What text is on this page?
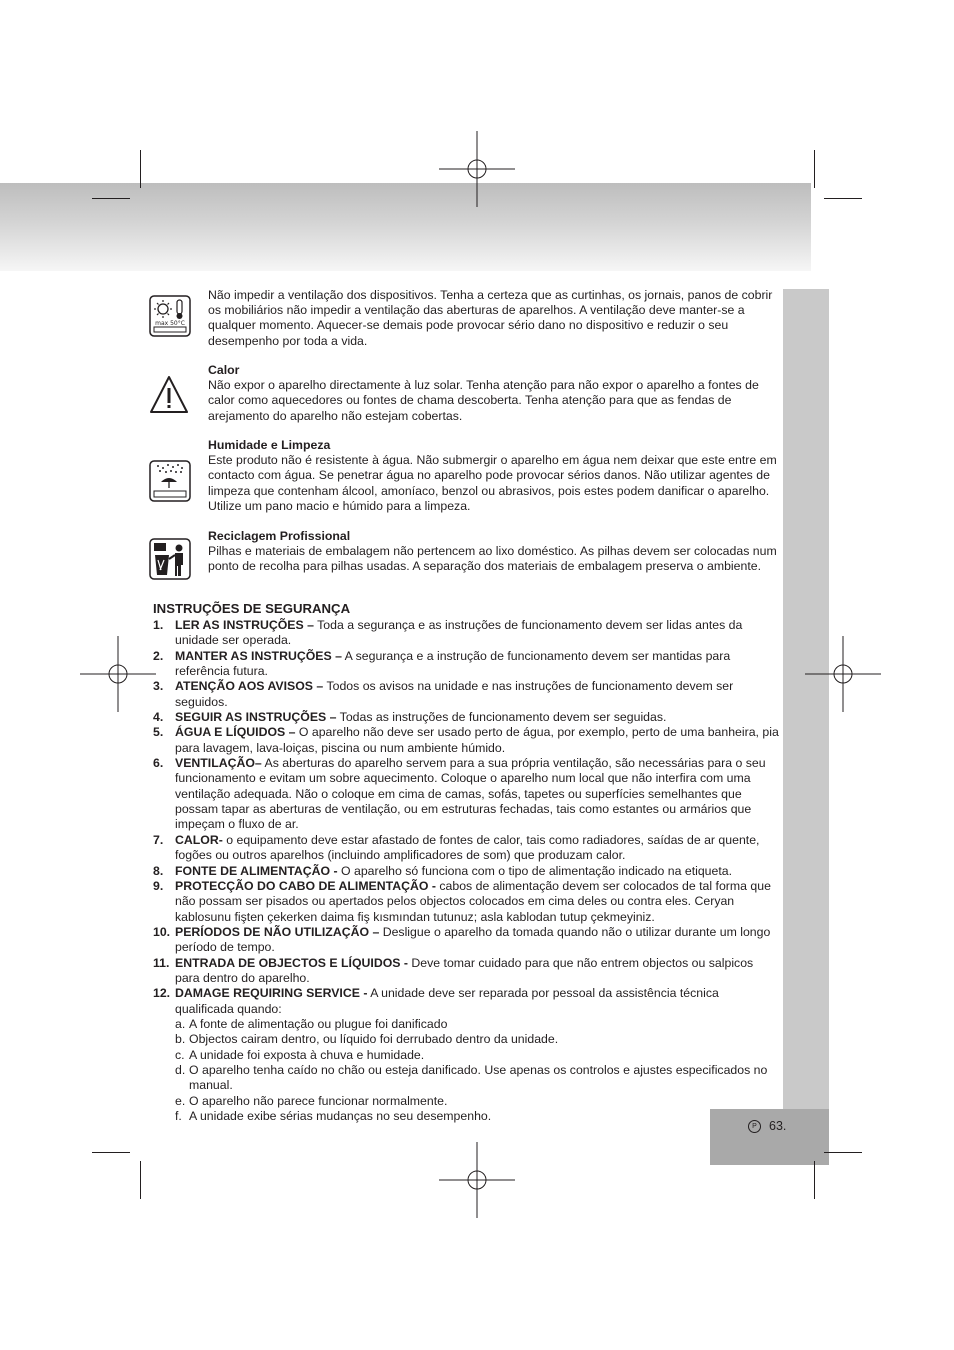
P 63.
max 50°C
Não impedir a ventilação dos dispositivos. Tenha a certeza que as curtinhas, os jornais, panos de cobrir os mobiliários não impedir a ventilação das aberturas de aparelhos. A ventilação deve manter-se a qualquer momento. Aquecer-se demais pode provocar sério dano no dispositivo e reduzir o seu desempenho por toda a vida.
Calor
Não expor o aparelho directamente à luz solar. Tenha atenção para não expor o aparelho a fontes de calor como aquecedores ou fontes de chama descoberta. Tenha atenção para que as fendas de arejamento do aparelho não estejam cobertas.
Humidade e Limpeza
Este produto não é resistente à água. Não submergir o aparelho em água nem deixar que este entre em contacto com água. Se penetrar água no aparelho pode provocar sérios danos. Não utilizar agentes de limpeza que contenham álcool, amoníaco, benzol ou abrasivos, pois estes podem danificar o aparelho. Utilize um pano macio e húmido para a limpeza.
Reciclagem Profissional
Pilhas e materiais de embalagem não pertencem ao lixo doméstico. As pilhas devem ser colocadas num ponto de recolha para pilhas usadas. A separação dos materiais de embalagem preserva o ambiente.
INSTRUÇÕES DE SEGURANÇA
1. LER AS INSTRUÇÕES – Toda a segurança e as instruções de funcionamento devem ser lidas antes da unidade ser operada.
2. MANTER AS INSTRUÇÕES – A segurança e a instrução de funcionamento devem ser mantidas para referência futura.
3. ATENÇÃO AOS AVISOS – Todos os avisos na unidade e nas instruções de funcionamento devem ser seguidos.
4. SEGUIR AS INSTRUÇÕES – Todas as instruções de funcionamento devem ser seguidas.
5. ÁGUA E LÍQUIDOS – O aparelho não deve ser usado perto de água, por exemplo, perto de uma banheira, pia para lavagem, lava-loiças, piscina ou num ambiente húmido.
6. VENTILAÇÃO– As aberturas do aparelho servem para a sua própria ventilação, são necessárias para o seu funcionamento e evitam um sobre aquecimento. Coloque o aparelho num local que não interfira com uma ventilação adequada. Não o coloque em cima de camas, sofás, tapetes ou superfícies semelhantes que possam tapar as aberturas de ventilação, ou em estruturas fechadas, tais como estantes ou armários que impeçam o fluxo de ar.
7. CALOR- o equipamento deve estar afastado de fontes de calor, tais como radiadores, saídas de ar quente, fogões ou outros aparelhos (incluindo amplificadores de som) que produzam calor.
8. FONTE DE ALIMENTAÇÃO - O aparelho só funciona com o tipo de alimentação indicado na etiqueta.
9. PROTECÇÃO DO CABO DE ALIMENTAÇÃO - cabos de alimentação devem ser colocados de tal forma que não possam ser pisados ou apertados pelos objectos colocados em cima deles ou contra eles. Ceryan kablosunu fişten çekerken daima fiş kısmından tutunuz; asla kablodan tutup çekmeyiniz.
10. PERÍODOS DE NÃO UTILIZAÇÃO – Desligue o aparelho da tomada quando não o utilizar durante um longo período de tempo.
11. ENTRADA DE OBJECTOS E LÍQUIDOS - Deve tomar cuidado para que não entrem objectos ou salpicos para dentro do aparelho.
12. DAMAGE REQUIRING SERVICE - A unidade deve ser reparada por pessoal da assistência técnica qualificada quando:
a. A fonte de alimentação ou plugue foi danificado
b. Objectos cairam dentro, ou líquido foi derrubado dentro da unidade.
c. A unidade foi exposta à chuva e humidade.
d. O aparelho tenha caído no chão ou esteja danificado. Use apenas os controlos e ajustes especificados no manual.
e. O aparelho não parece funcionar normalmente.
f. A unidade exibe sérias mudanças no seu desempenho.
